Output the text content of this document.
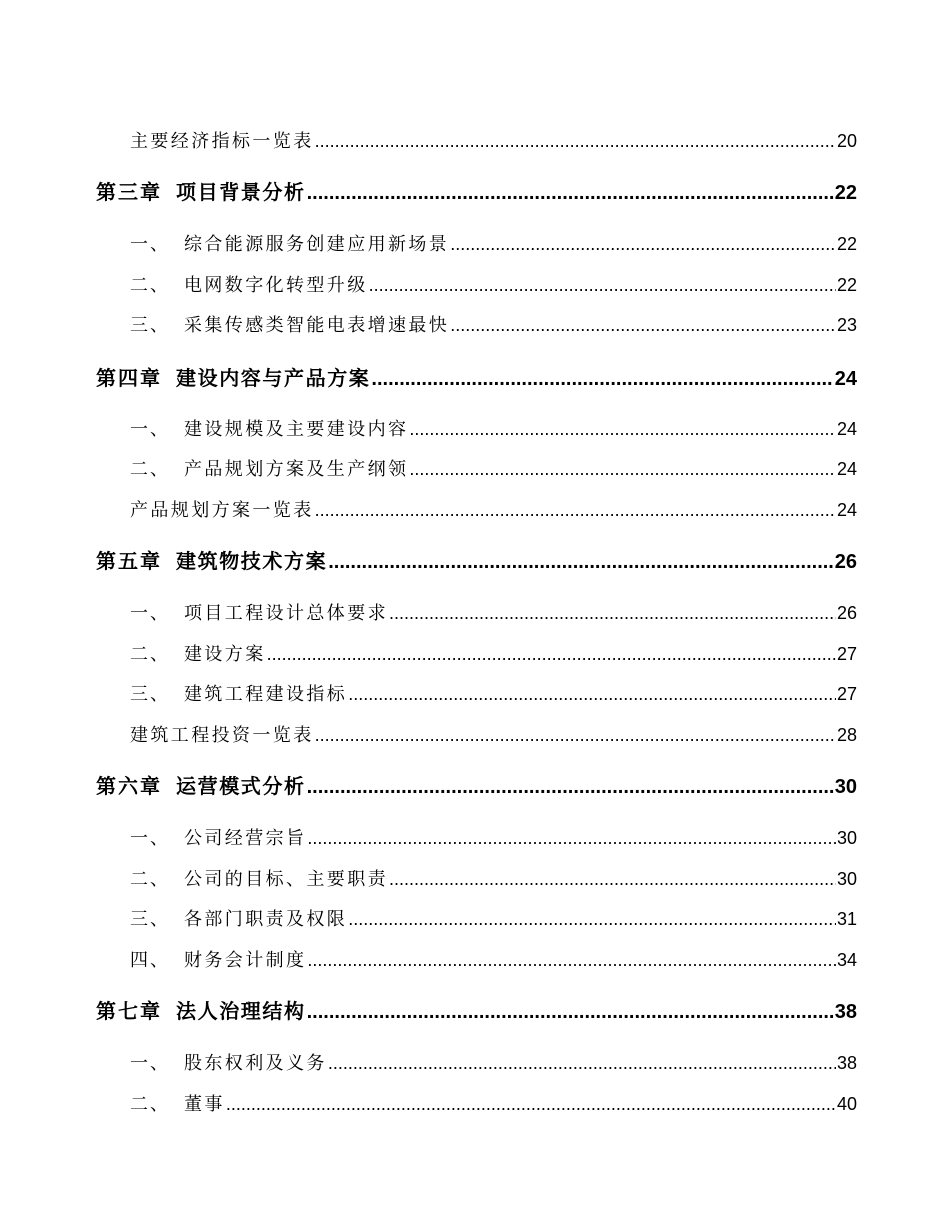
主要经济指标一览表 .....	20
第三章 项目背景分析 .....	22
一、 综合能源服务创建应用新场景 .....	22
二、 电网数字化转型升级 .....	22
三、 采集传感类智能电表增速最快 .....	23
第四章 建设内容与产品方案 .....	24
一、 建设规模及主要建设内容 .....	24
二、 产品规划方案及生产纲领 .....	24
产品规划方案一览表 .....	24
第五章 建筑物技术方案 .....	26
一、 项目工程设计总体要求 .....	26
二、 建设方案 .....	27
三、 建筑工程建设指标 .....	27
建筑工程投资一览表 .....	28
第六章 运营模式分析 .....	30
一、 公司经营宗旨 .....	30
二、 公司的目标、主要职责 .....	30
三、 各部门职责及权限 .....	31
四、 财务会计制度 .....	34
第七章 法人治理结构 .....	38
一、 股东权利及义务 .....	38
二、 董事 .....	40
